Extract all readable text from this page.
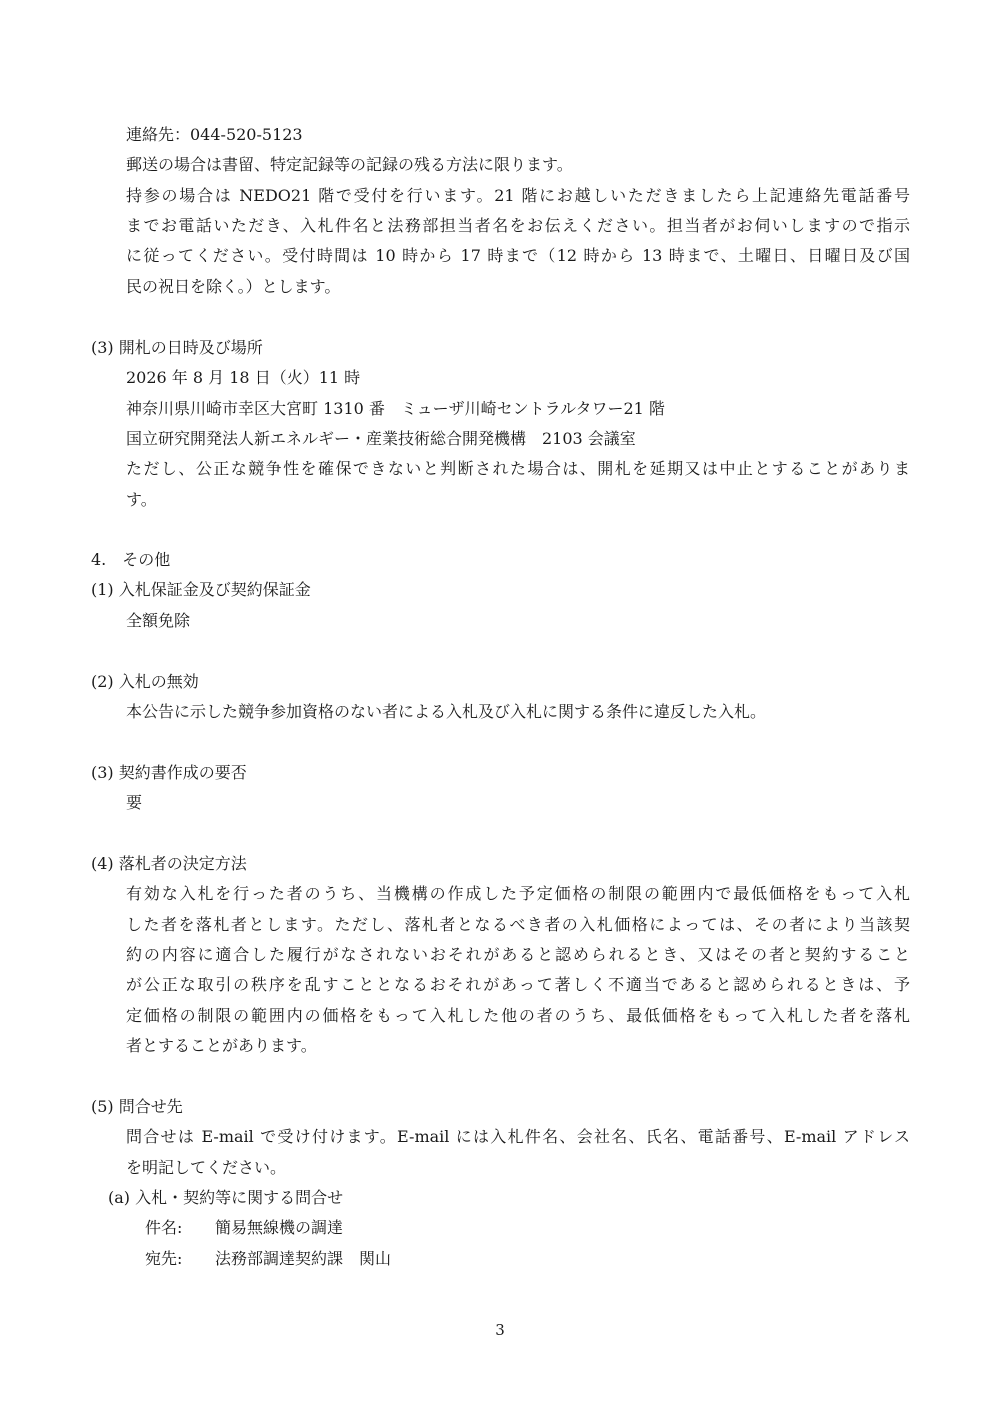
連絡先：044-520-5123
郵送の場合は書留、特定記録等の記録の残る方法に限ります。
持参の場合は NEDO21 階で受付を行います。21 階にお越しいただきましたら上記連絡先電話番号
までお電話いただき、入札件名と法務部担当者名をお伝えください。担当者がお伺いしますので指示
に従ってください。受付時間は 10 時から 17 時まで（12 時から 13 時まで、土曜日、日曜日及び国
民の祝日を除く。）とします。
(3) 開札の日時及び場所
2026 年 8 月 18 日（火）11 時
神奈川県川崎市幸区大宮町 1310 番　ミューザ川崎セントラルタワー21 階
国立研究開発法人新エネルギー・産業技術総合開発機構　2103 会議室
ただし、公正な競争性を確保できないと判断された場合は、開札を延期又は中止とすることがありま
す。
4.　その他
(1) 入札保証金及び契約保証金
全額免除
(2) 入札の無効
本公告に示した競争参加資格のない者による入札及び入札に関する条件に違反した入札。
(3) 契約書作成の要否
要
(4) 落札者の決定方法
有効な入札を行った者のうち、当機構の作成した予定価格の制限の範囲内で最低価格をもって入札
した者を落札者とします。ただし、落札者となるべき者の入札価格によっては、その者により当該契
約の内容に適合した履行がなされないおそれがあると認められるとき、又はその者と契約すること
が公正な取引の秩序を乱すこととなるおそれがあって著しく不適当であると認められるときは、予
定価格の制限の範囲内の価格をもって入札した他の者のうち、最低価格をもって入札した者を落札
者とすることがあります。
(5) 問合せ先
問合せは E-mail で受け付けます。E-mail には入札件名、会社名、氏名、電話番号、E-mail アドレス
を明記してください。
(a) 入札・契約等に関する問合せ
件名: 簡易無線機の調達
宛先: 法務部調達契約課　関山
3
